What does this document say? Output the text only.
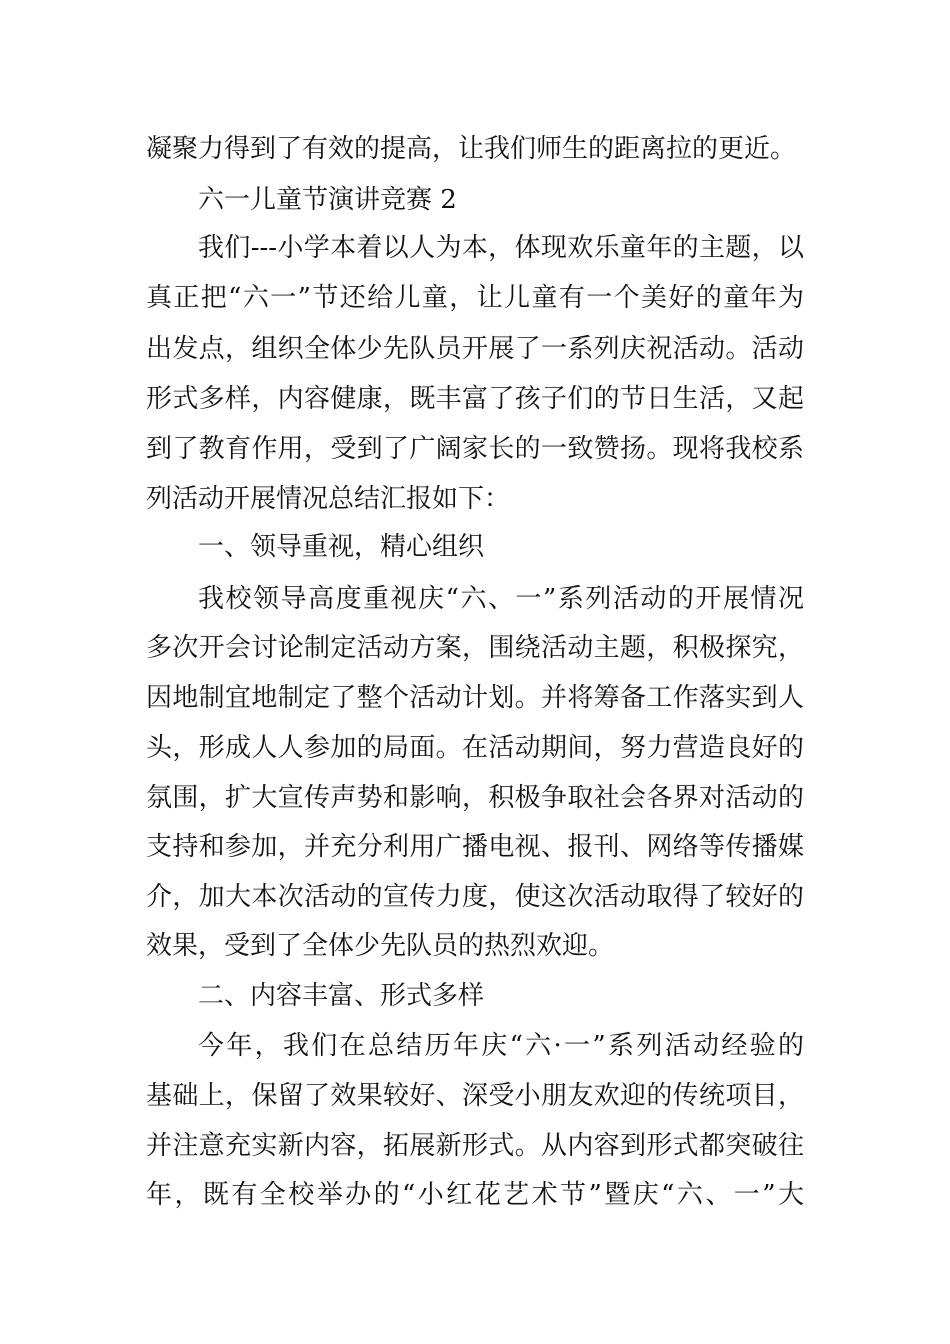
凝聚力得到了有效的提高，让我们师生的距离拉的更近。
六一儿童节演讲竞赛 2
我们---小学本着以人为本，体现欢乐童年的主题，以
真正把“六一”节还给儿童，让儿童有一个美好的童年为
出发点，组织全体少先队员开展了一系列庆祝活动。活动
形式多样，内容健康，既丰富了孩子们的节日生活，又起
到了教育作用，受到了广阔家长的一致赞扬。现将我校系
列活动开展情况总结汇报如下：
一、领导重视，精心组织
我校领导高度重视庆“六、一”系列活动的开展情况
多次开会讨论制定活动方案，围绕活动主题，积极探究，
因地制宜地制定了整个活动计划。并将筹备工作落实到人
头，形成人人参加的局面。在活动期间，努力营造良好的
氛围，扩大宣传声势和影响，积极争取社会各界对活动的
支持和参加，并充分利用广播电视、报刊、网络等传播媒
介，加大本次活动的宣传力度，使这次活动取得了较好的
效果，受到了全体少先队员的热烈欢迎。
二、内容丰富、形式多样
今年，我们在总结历年庆“六·一”系列活动经验的
基础上，保留了效果较好、深受小朋友欢迎的传统项目，
并注意充实新内容，拓展新形式。从内容到形式都突破往
年，既有全校举办的“小红花艺术节”暨庆“六、一”大
